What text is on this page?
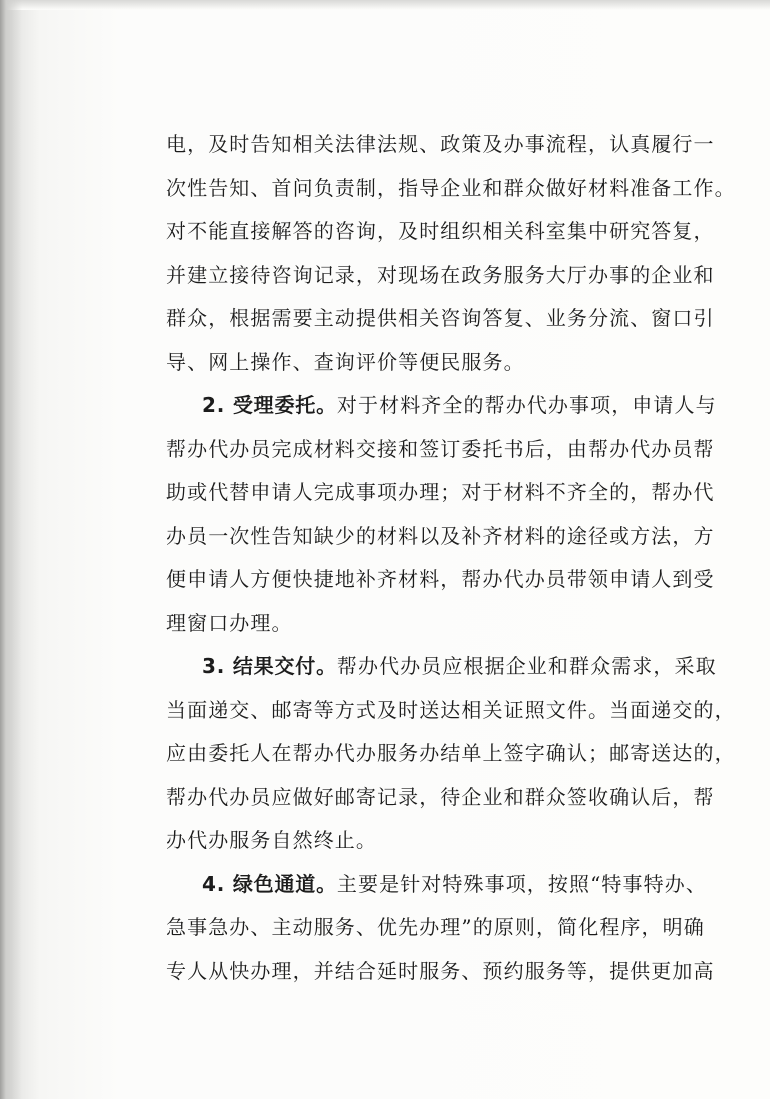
电，及时告知相关法律法规、政策及办事流程，认真履行一
次性告知、首问负责制，指导企业和群众做好材料准备工作。
对不能直接解答的咨询，及时组织相关科室集中研究答复，
并建立接待咨询记录，对现场在政务服务大厅办事的企业和
群众，根据需要主动提供相关咨询答复、业务分流、窗口引
导、网上操作、查询评价等便民服务。
2. 受理委托。对于材料齐全的帮办代办事项，申请人与
帮办代办员完成材料交接和签订委托书后，由帮办代办员帮
助或代替申请人完成事项办理；对于材料不齐全的，帮办代
办员一次性告知缺少的材料以及补齐材料的途径或方法，方
便申请人方便快捷地补齐材料，帮办代办员带领申请人到受
理窗口办理。
3. 结果交付。帮办代办员应根据企业和群众需求，采取
当面递交、邮寄等方式及时送达相关证照文件。当面递交的，
应由委托人在帮办代办服务办结单上签字确认；邮寄送达的，
帮办代办员应做好邮寄记录，待企业和群众签收确认后，帮
办代办服务自然终止。
4. 绿色通道。主要是针对特殊事项，按照“特事特办、
急事急办、主动服务、优先办理”的原则，简化程序，明确
专人从快办理，并结合延时服务、预约服务等，提供更加高
